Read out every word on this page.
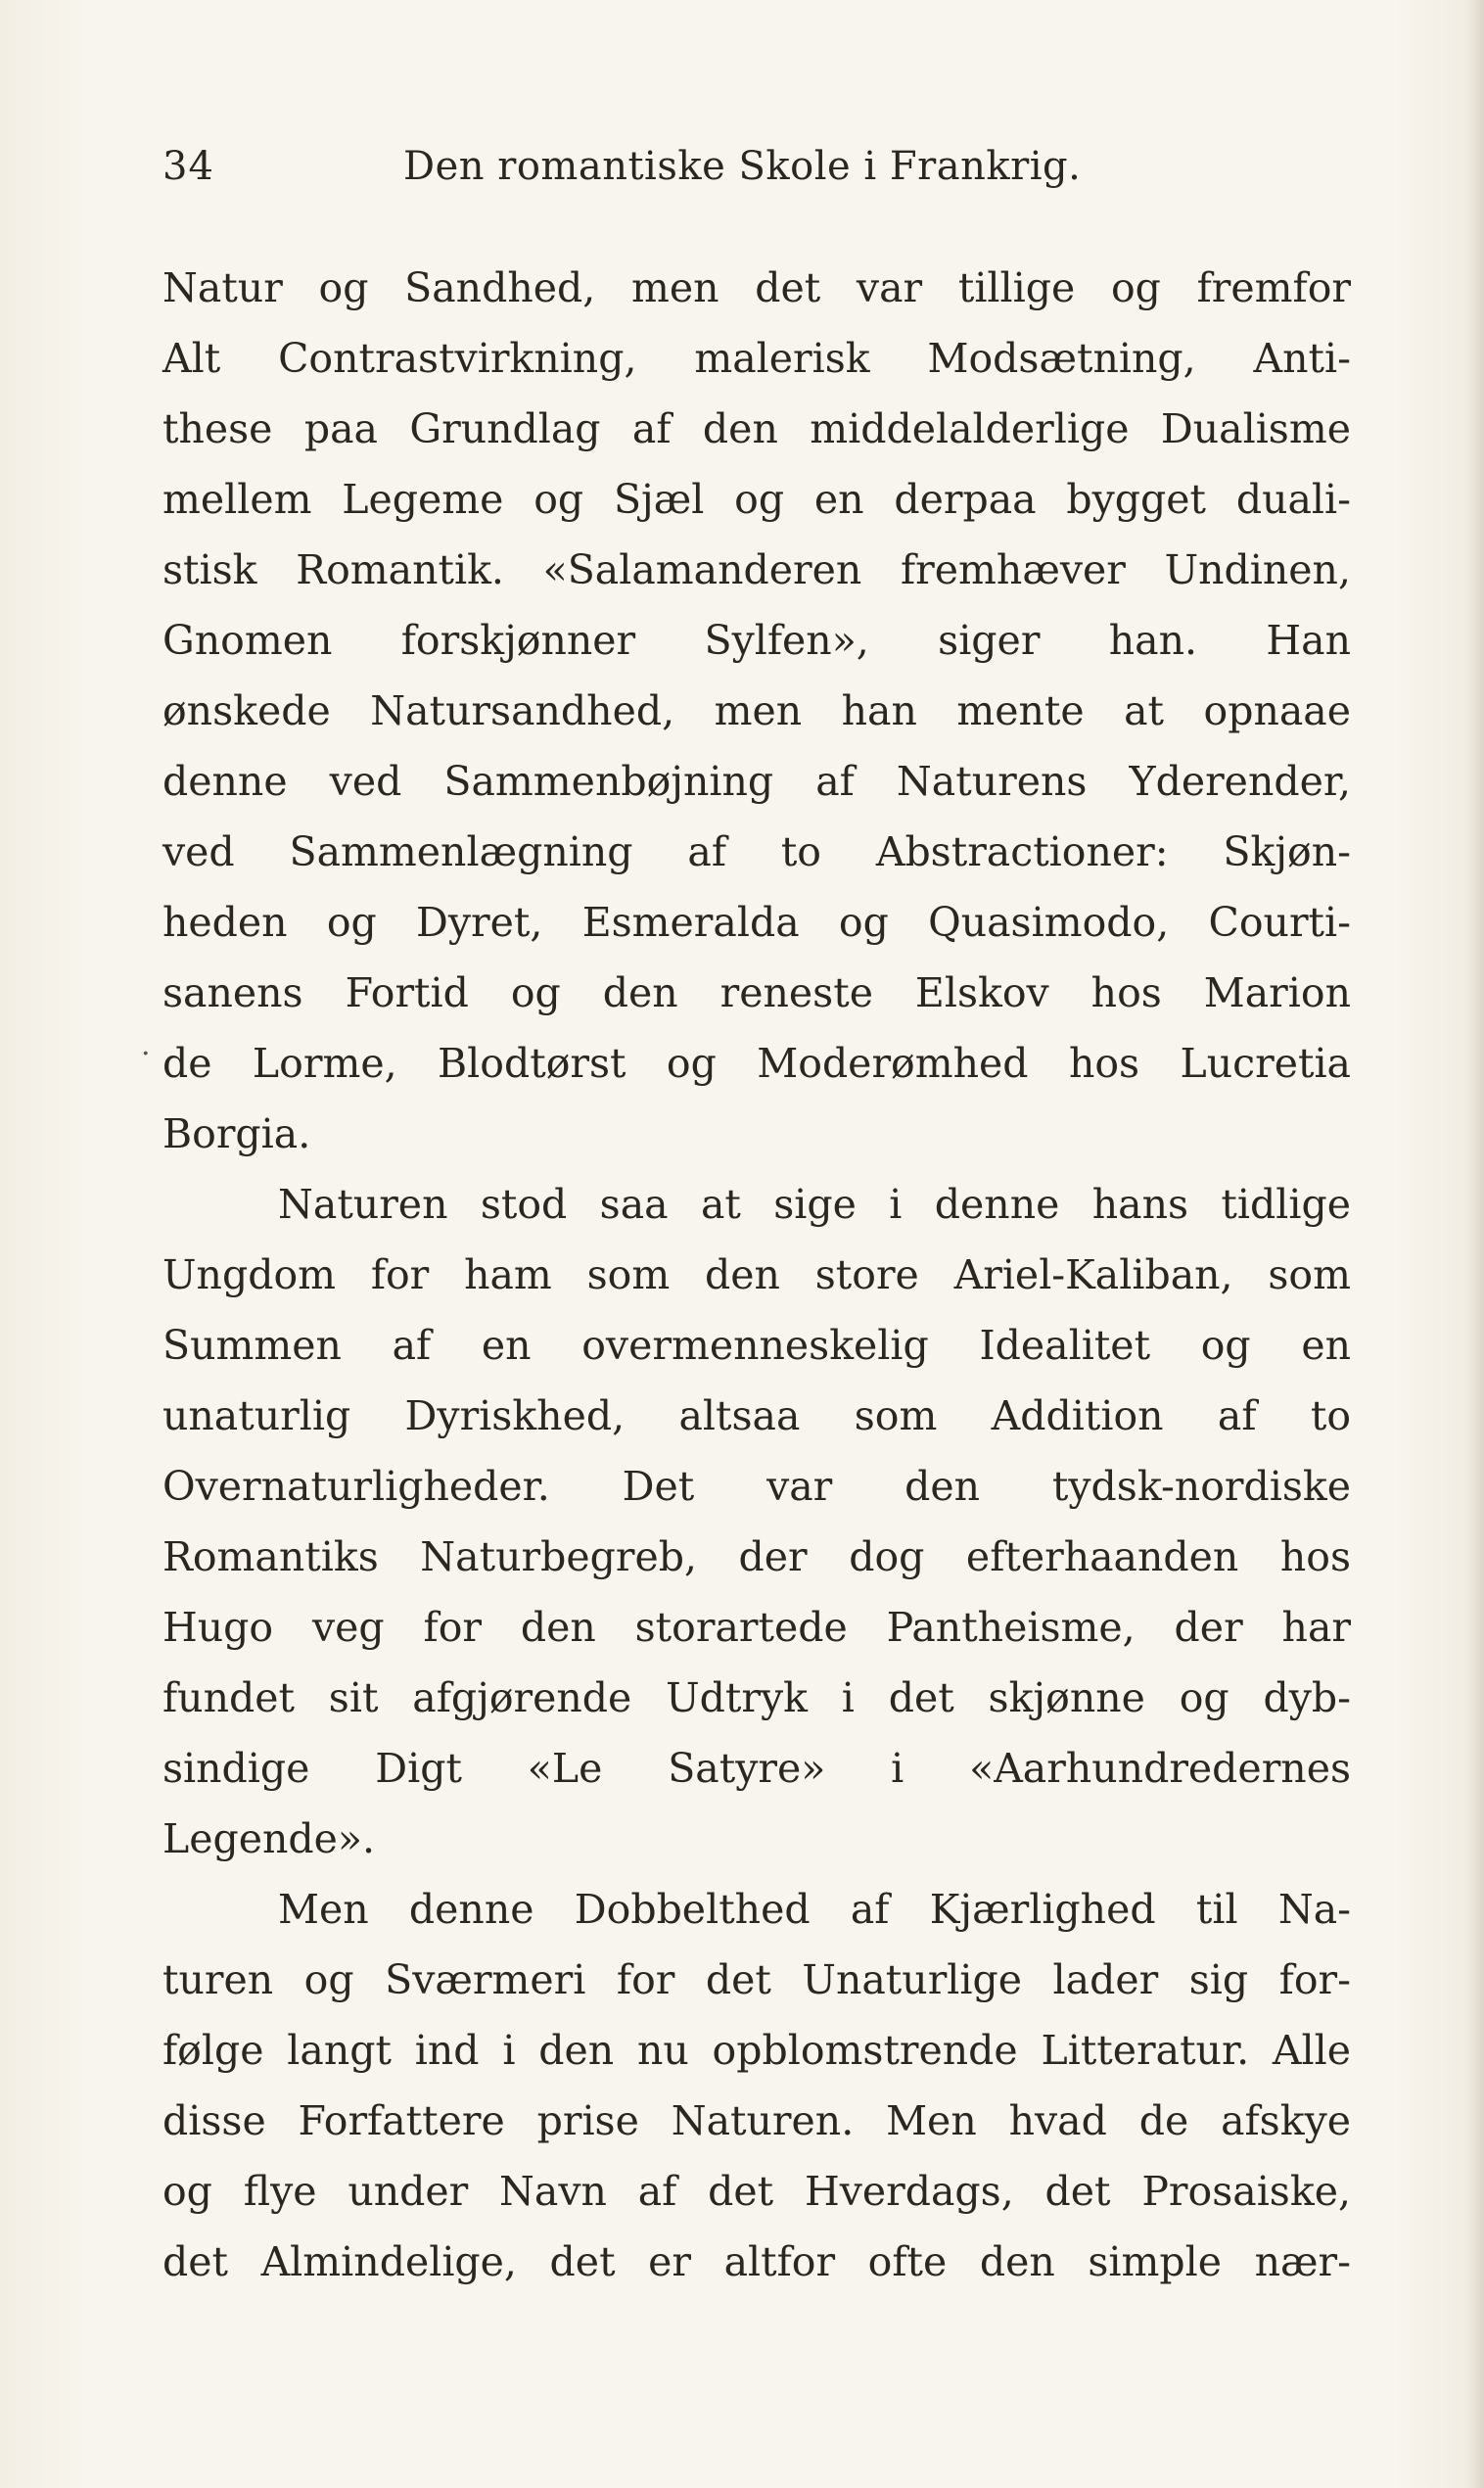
34	Den romantiske Skole i Frankrig.
.
Natur og Sandhed, men det var tillige og fremfor
Alt Contrastvirkning, malerisk Modsætning, Anti-
these paa Grundlag af den middelalderlige Dualisme
mellem Legeme og Sjæl og en derpaa bygget duali-
stisk Romantik. «Salamanderen fremhæver Undinen,
Gnomen forskjønner Sylfen», siger han. Han
ønskede Natursandhed, men han mente at opnaae
denne ved Sammenbøjning af Naturens Yderender,
ved Sammenlægning af to Abstractioner: Skjøn-
heden og Dyret, Esmeralda og Quasimodo, Courti-
sanens Fortid og den reneste Elskov hos Marion
de Lorme, Blodtørst og Moderømhed hos Lucretia
Borgia.
Naturen stod saa at sige i denne hans tidlige
Ungdom for ham som den store Ariel-Kaliban, som
Summen af en overmenneskelig Idealitet og en
unaturlig Dyriskhed, altsaa som Addition af to
Overnaturligheder. Det var den tydsk-nordiske
Romantiks Naturbegreb, der dog efterhaanden hos
Hugo veg for den storartede Pantheisme, der har
fundet sit afgjørende Udtryk i det skjønne og dyb-
sindige Digt «Le Satyre» i «Aarhundredernes
Legende».
Men denne Dobbelthed af Kjærlighed til Na-
turen og Sværmeri for det Unaturlige lader sig for-
følge langt ind i den nu opblomstrende Litteratur. Alle
disse Forfattere prise Naturen. Men hvad de afskye
og flye under Navn af det Hverdags, det Prosaiske,
det Almindelige, det er altfor ofte den simple nær-
